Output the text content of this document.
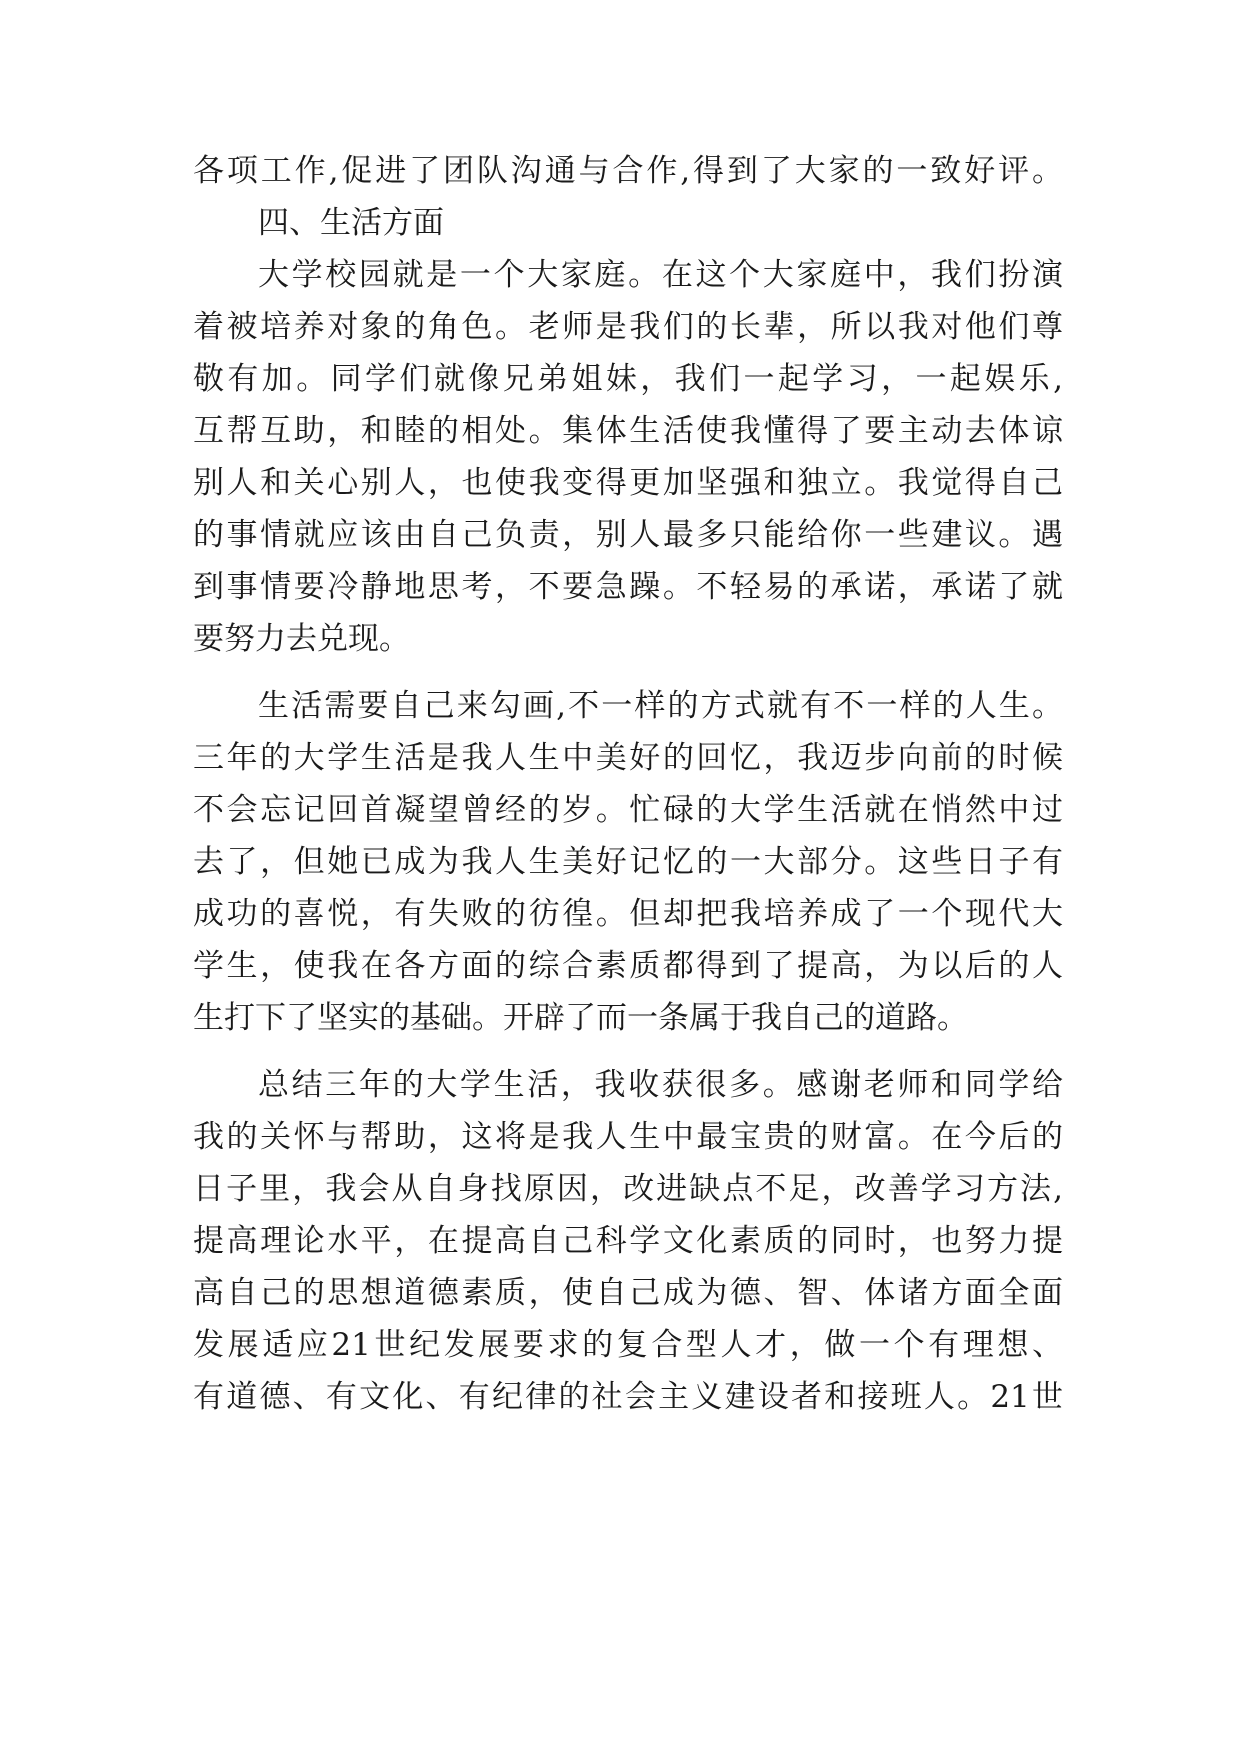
各项工作,促进了团队沟通与合作,得到了大家的一致好评。
四、生活方面
大学校园就是一个大家庭。在这个大家庭中，我们扮演
着被培养对象的角色。老师是我们的长辈，所以我对他们尊
敬有加。同学们就像兄弟姐妹，我们一起学习，一起娱乐,
互帮互助，和睦的相处。集体生活使我懂得了要主动去体谅
别人和关心别人，也使我变得更加坚强和独立。我觉得自己
的事情就应该由自己负责，别人最多只能给你一些建议。遇
到事情要冷静地思考，不要急躁。不轻易的承诺，承诺了就
要努力去兑现。
生活需要自己来勾画,不一样的方式就有不一样的人生。
三年的大学生活是我人生中美好的回忆，我迈步向前的时候
不会忘记回首凝望曾经的岁。忙碌的大学生活就在悄然中过
去了，但她已成为我人生美好记忆的一大部分。这些日子有
成功的喜悦，有失败的彷徨。但却把我培养成了一个现代大
学生，使我在各方面的综合素质都得到了提高，为以后的人
生打下了坚实的基础。开辟了而一条属于我自己的道路。
总结三年的大学生活，我收获很多。感谢老师和同学给
我的关怀与帮助，这将是我人生中最宝贵的财富。在今后的
日子里，我会从自身找原因，改进缺点不足，改善学习方法,
提高理论水平，在提高自己科学文化素质的同时，也努力提
高自己的思想道德素质，使自己成为德、智、体诸方面全面
发展适应21世纪发展要求的复合型人才，做一个有理想、
有道德、有文化、有纪律的社会主义建设者和接班人。21世
